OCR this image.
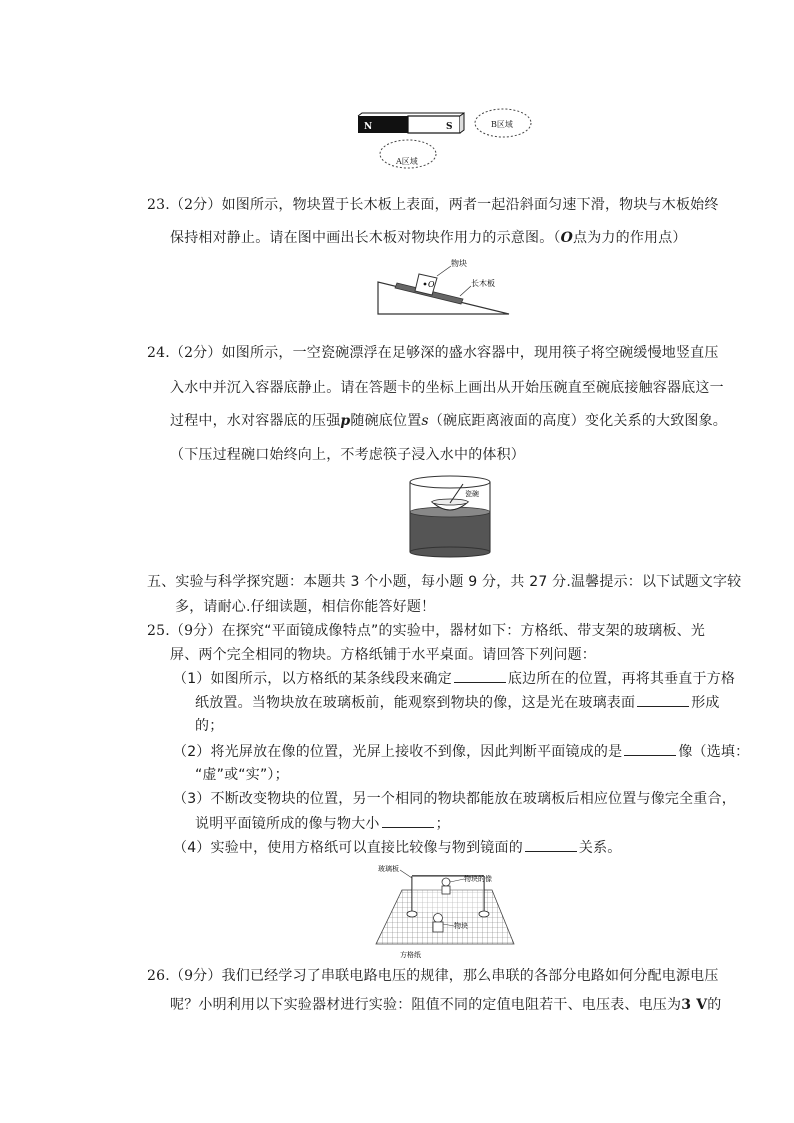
N	S	B区域
A区域
23.（2分）如图所示，物块置于长木板上表面，两者一起沿斜面匀速下滑，物块与木板始终
保持相对静止。请在图中画出长木板对物块作用力的示意图。（O点为力的作用点）
O
物块
长木板
24.（2分）如图所示，一空瓷碗漂浮在足够深的盛水容器中，现用筷子将空碗缓慢地竖直压
入水中并沉入容器底静止。请在答题卡的坐标上画出从开始压碗直至碗底接触容器底这一
过程中，水对容器底的压强p随碗底位置s（碗底距离液面的高度）变化关系的大致图象。
（下压过程碗口始终向上，不考虑筷子浸入水中的体积）
瓷碗
五、实验与科学探究题：本题共 3 个小题，每小题 9 分，共 27 分.温馨提示：以下试题文字较
多，请耐心.仔细读题，相信你能答好题！
25.（9分）在探究“平面镜成像特点”的实验中，器材如下：方格纸、带支架的玻璃板、光
屏、两个完全相同的物块。方格纸铺于水平桌面。请回答下列问题：
（1）如图所示，以方格纸的某条线段来确定	底边所在的位置，再将其垂直于方格
纸放置。当物块放在玻璃板前，能观察到物块的像，这是光在玻璃表面	形成
的；
（2）将光屏放在像的位置，光屏上接收不到像，因此判断平面镜成的是	像（选填：
“虚”或“实”）；
（3）不断改变物块的位置，另一个相同的物块都能放在玻璃板后相应位置与像完全重合，
说明平面镜所成的像与物大小	；
（4）实验中，使用方格纸可以直接比较像与物到镜面的	关系。
玻璃板
物块的像
物块
方格纸
26.（9分）我们已经学习了串联电路电压的规律，那么串联的各部分电路如何分配电源电压
呢？小明利用以下实验器材进行实验：阻值不同的定值电阻若干、电压表、电压为3 V的
